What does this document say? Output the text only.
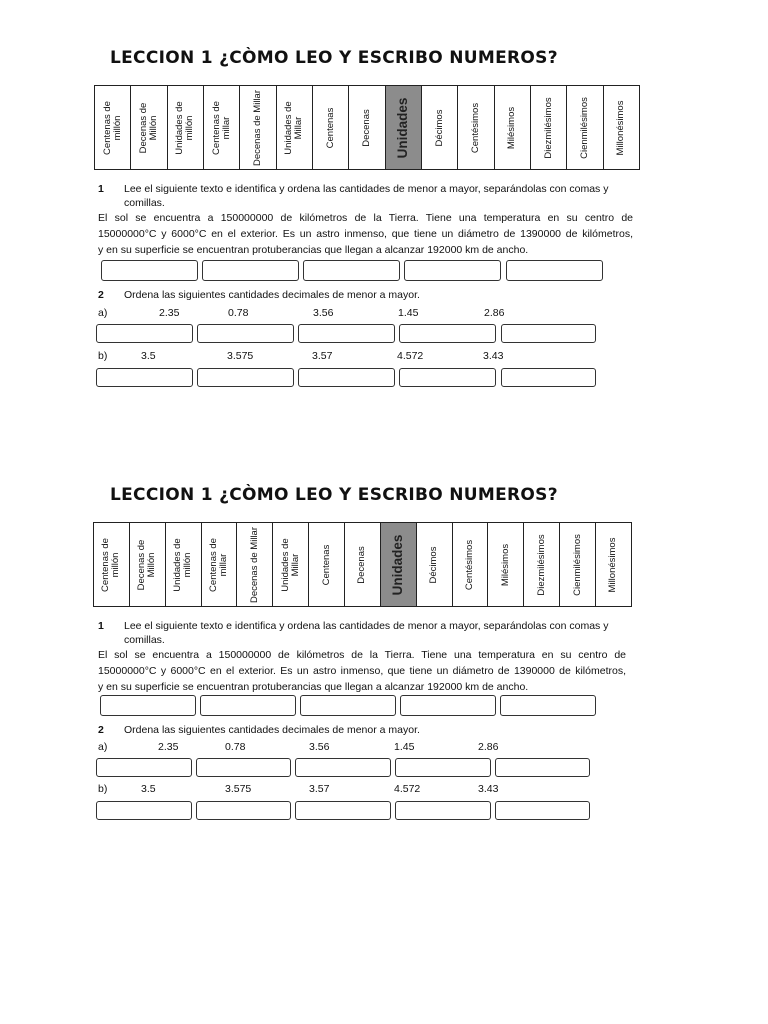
LECCION 1 ¿CÒMO LEO Y ESCRIBO NUMEROS?
Centenas de millón Decenas de Millón Unidades de millón Centenas de millar Decenas de Millar Unidades de Millar Centenas	Decenas Unidades Décimos	Centésimos	Milésimos	Diezmilésimos	Cienmilésimos	Millonésimos
1 Lee el siguiente texto e identifica y ordena las cantidades de menor a mayor, separándolas con comas y
comillas.
El sol se encuentra a 150000000 de kilómetros de la Tierra. Tiene una temperatura en su centro de
15000000°C y 6000°C en el exterior. Es un astro inmenso, que tiene un diámetro de 1390000 de kilómetros,
y en su superficie se encuentran protuberancias que llegan a alcanzar 192000 km de ancho.
2 Ordena las siguientes cantidades decimales de menor a mayor.
a)	2.35	0.78	3.56	1.45	2.86
b)	3.5	3.575	3.57	4.572	3.43
LECCION 1 ¿CÒMO LEO Y ESCRIBO NUMEROS?
Centenas de millón Decenas de Millón Unidades de millón Centenas de millar Decenas de Millar Unidades de Millar Centenas	Decenas Unidades Décimos	Centésimos	Milésimos	Diezmilésimos	Cienmilésimos	Millonésimos
1 Lee el siguiente texto e identifica y ordena las cantidades de menor a mayor, separándolas con comas y
comillas.
El sol se encuentra a 150000000 de kilómetros de la Tierra. Tiene una temperatura en su centro de
15000000°C y 6000°C en el exterior. Es un astro inmenso, que tiene un diámetro de 1390000 de kilómetros,
y en su superficie se encuentran protuberancias que llegan a alcanzar 192000 km de ancho.
2 Ordena las siguientes cantidades decimales de menor a mayor.
a)	2.35	0.78	3.56	1.45	2.86
b)	3.5	3.575	3.57	4.572	3.43
